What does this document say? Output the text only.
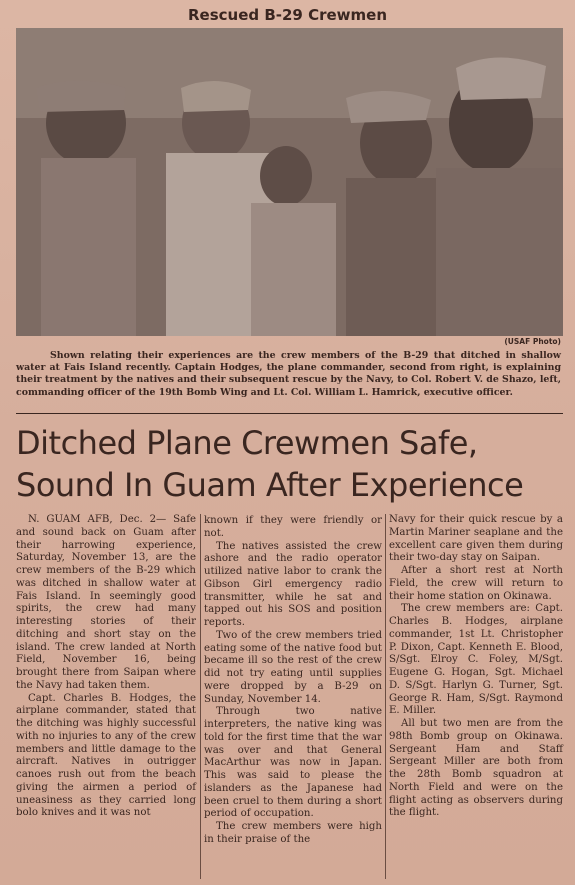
Rescued B-29 Crewmen
(USAF Photo)
Shown relating their experiences are the crew members of the B-29 that ditched in shallow water at Fais Island recently. Captain Hodges, the plane commander, second from right, is explaining their treatment by the natives and their subsequent rescue by the Navy, to Col. Robert V. de Shazo, left, commanding officer of the 19th Bomb Wing and Lt. Col. William L. Hamrick, executive officer.
Ditched Plane Crewmen Safe,
Sound In Guam After Experience

N. GUAM AFB, Dec. 2— Safe and sound back on Guam after their harrowing experience, Saturday, November 13, are the crew members of the B-29 which was ditched in shallow water at Fais Island. In seemingly good spirits, the crew had many interesting stories of their ditching and short stay on the island. The crew landed at North Field, November 16, being brought there from Saipan where the Navy had taken them.

Capt. Charles B. Hodges, the airplane commander, stated that the ditching was highly successful with no injuries to any of the crew members and little damage to the aircraft. Natives in outrigger canoes rush out from the beach giving the airmen a period of uneasiness as they carried long bolo knives and it was not

known if they were friendly or not.

The natives assisted the crew ashore and the radio operator utilized native labor to crank the Gibson Girl emergency radio transmitter, while he sat and tapped out his SOS and position reports.

Two of the crew members tried eating some of the native food but became ill so the rest of the crew did not try eating until supplies were dropped by a B-29 on Sunday, November 14.

Through two native interpreters, the native king was told for the first time that the war was over and that General MacArthur was now in Japan. This was said to please the islanders as the Japanese had been cruel to them during a short period of occupation.

The crew members were high in their praise of the

Navy for their quick rescue by a Martin Mariner seaplane and the excellent care given them during their two-day stay on Saipan.

After a short rest at North Field, the crew will return to their home station on Okinawa.

The crew members are: Capt. Charles B. Hodges, airplane commander, 1st Lt. Christopher P. Dixon, Capt. Kenneth E. Blood, S/Sgt. Elroy C. Foley, M/Sgt. Eugene G. Hogan, Sgt. Michael D. S/Sgt. Harlyn G. Turner, Sgt. George R. Ham, S/Sgt. Raymond E. Miller.

All but two men are from the 98th Bomb group on Okinawa. Sergeant Ham and Staff Sergeant Miller are both from the 28th Bomb squadron at North Field and were on the flight acting as observers during the flight.
